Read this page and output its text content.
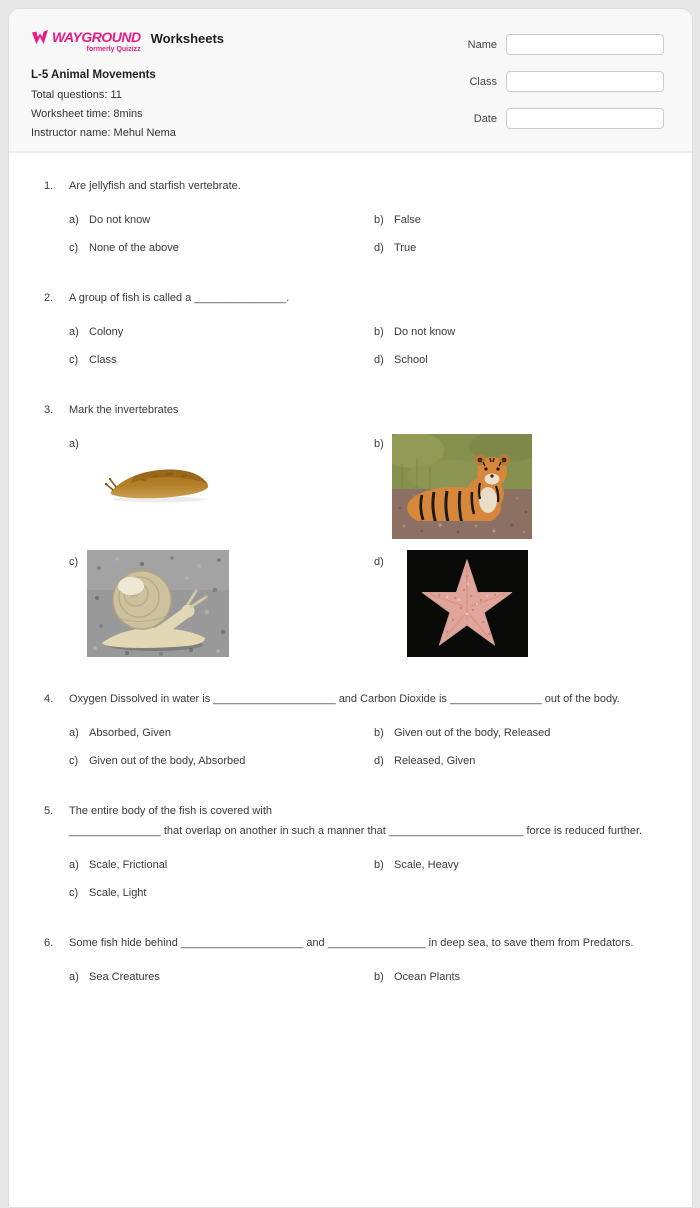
WAYGROUND
formerly Quizizz
Worksheets
L-5 Animal Movements
Total questions: 11
Worksheet time: 8mins
Instructor name: Mehul Nema
Name
Class
Date
1.	Are jellyfish and starfish vertebrate.
a) Do not know	b) False
c) None of the above	d) True
2.	A group of fish is called a _______________.
a) Colony	b) Do not know
c) Class	d) School
3.	Mark the invertebrates
a)	b)
c)	d)
4.	Oxygen Dissolved in water is ____________________ and Carbon Dioxide is _______________ out of the body.
a) Absorbed, Given	b) Given out of the body, Released
c) Given out of the body, Absorbed	d) Released, Given
5.	The entire body of the fish is covered with
_______________ that overlap on another in such a manner that ______________________ force is reduced further.
a) Scale, Frictional	b) Scale, Heavy
c) Scale, Light
6.	Some fish hide behind ____________________ and ________________ in deep sea, to save them from Predators.
a) Sea Creatures	b) Ocean Plants
